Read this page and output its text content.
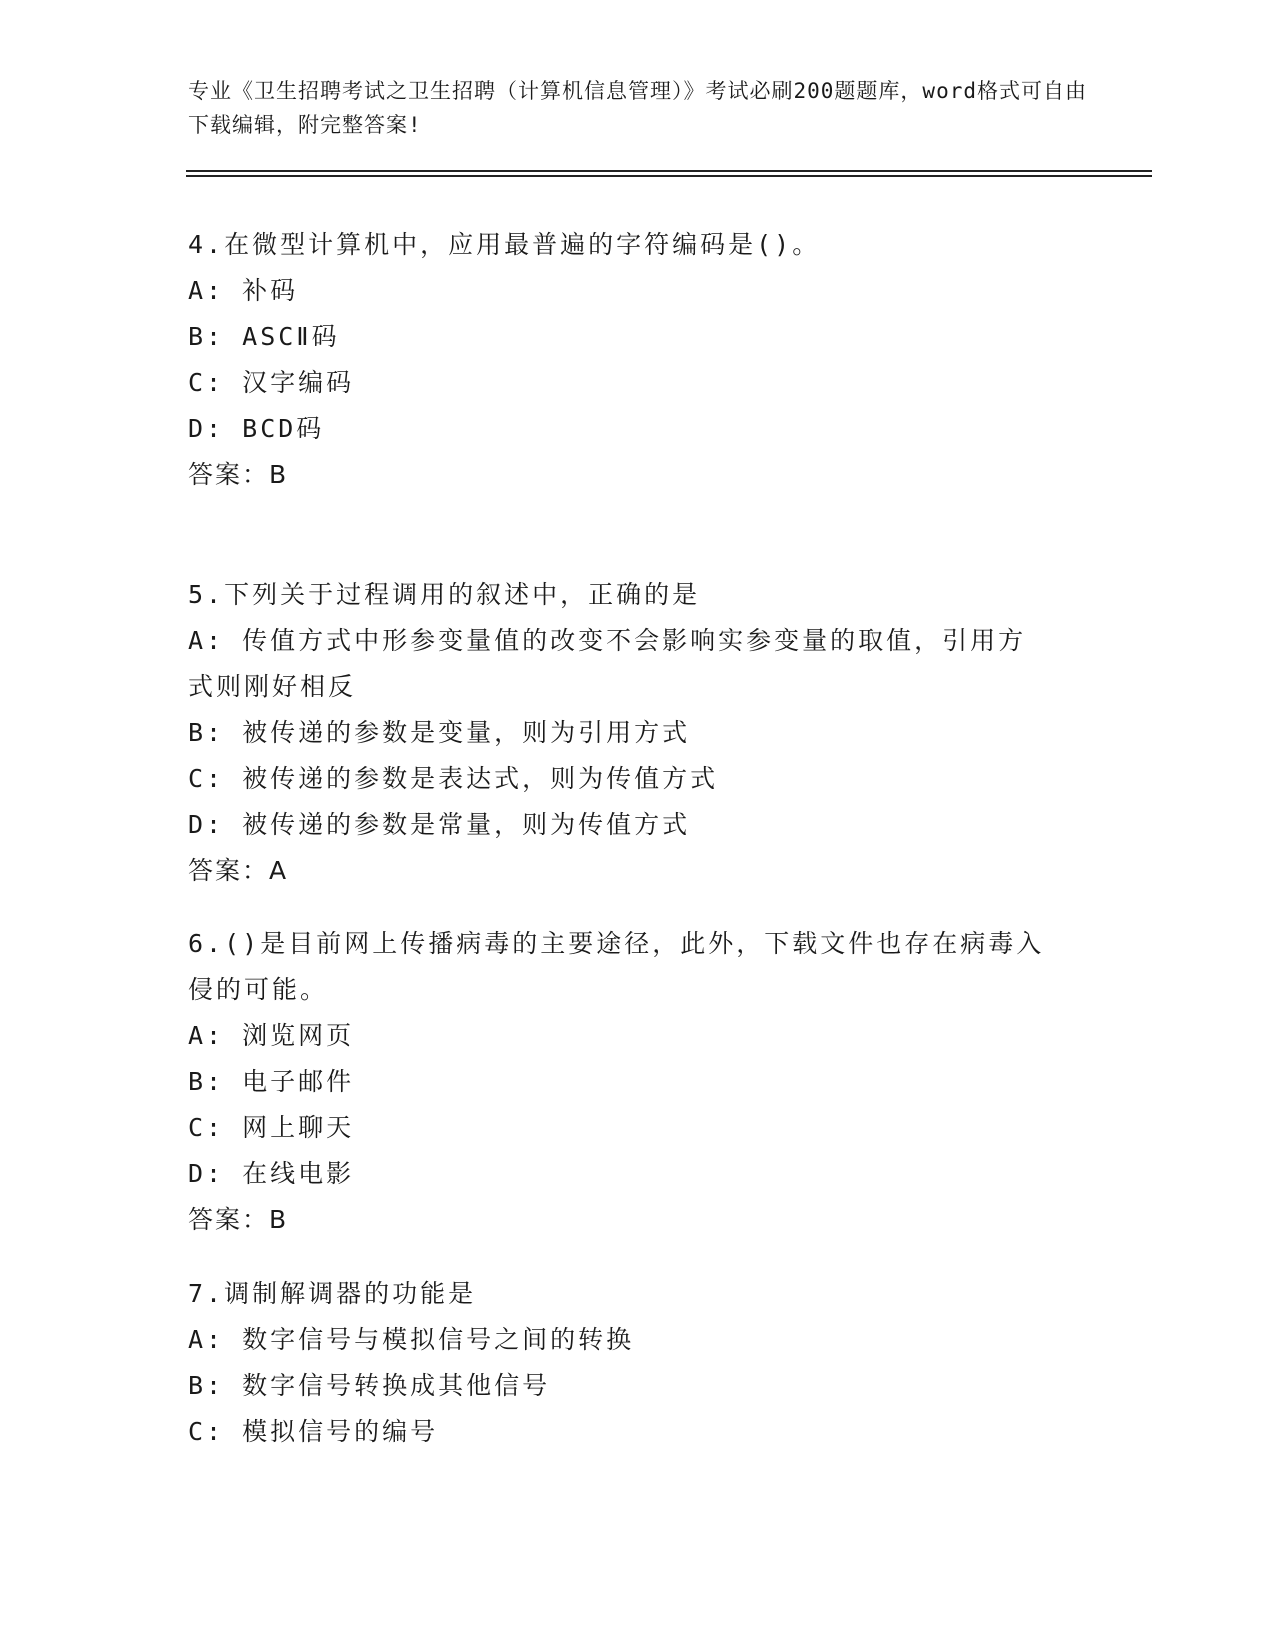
专业《卫生招聘考试之卫生招聘（计算机信息管理）》考试必刷200题题库，word格式可自由下载编辑，附完整答案!
4.在微型计算机中，应用最普遍的字符编码是()。
A: 补码
B: ASCⅡ码
C: 汉字编码
D: BCD码
答案：B
5.下列关于过程调用的叙述中，正确的是
A: 传值方式中形参变量值的改变不会影响实参变量的取值，引用方式则刚好相反
B: 被传递的参数是变量，则为引用方式
C: 被传递的参数是表达式，则为传值方式
D: 被传递的参数是常量，则为传值方式
答案：A
6.()是目前网上传播病毒的主要途径，此外，下载文件也存在病毒入侵的可能。
A: 浏览网页
B: 电子邮件
C: 网上聊天
D: 在线电影
答案：B
7.调制解调器的功能是
A: 数字信号与模拟信号之间的转换
B: 数字信号转换成其他信号
C: 模拟信号的编号
